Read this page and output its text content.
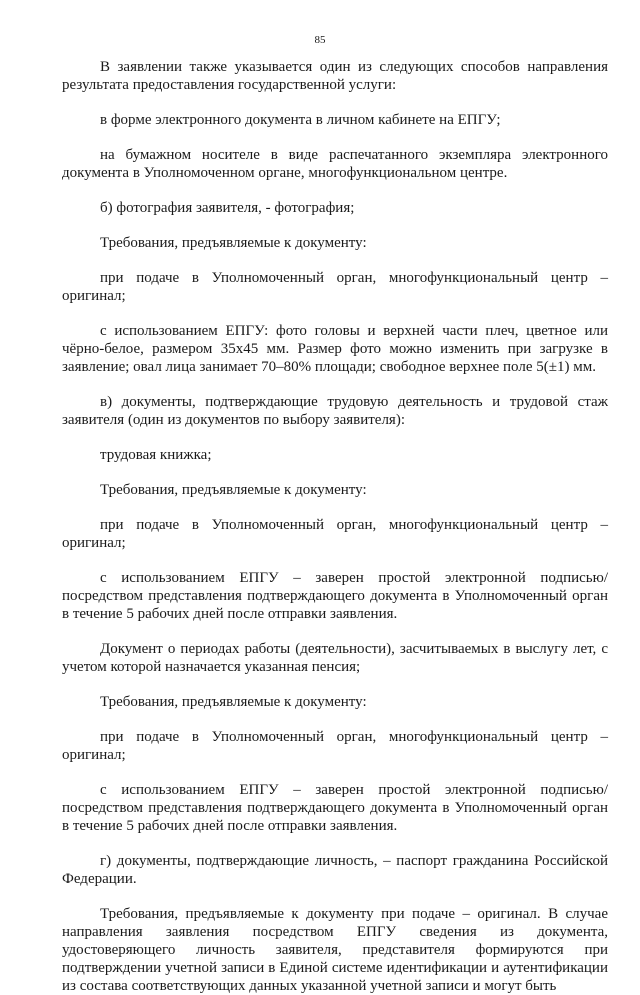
85

В заявлении также указывается один из следующих способов направления результата предоставления государственной услуги:

в форме электронного документа в личном кабинете на ЕПГУ;

на бумажном носителе в виде распечатанного экземпляра электронного документа в Уполномоченном органе, многофункциональном центре.

б) фотография заявителя, - фотография;

Требования, предъявляемые к документу:

при подаче в Уполномоченный орган, многофункциональный центр – оригинал;

с использованием ЕПГУ: фото головы и верхней части плеч, цветное или чёрно-белое, размером 35x45 мм. Размер фото можно изменить при загрузке в заявление; овал лица занимает 70–80% площади; свободное верхнее поле 5(±1) мм.

в) документы, подтверждающие трудовую деятельность и трудовой стаж заявителя (один из документов по выбору заявителя):

трудовая книжка;

Требования, предъявляемые к документу:

при подаче в Уполномоченный орган, многофункциональный центр – оригинал;

с использованием ЕПГУ – заверен простой электронной подписью/ посредством представления подтверждающего документа в Уполномоченный орган в течение 5 рабочих дней после отправки заявления.

Документ о периодах работы (деятельности), засчитываемых в выслугу лет, с учетом которой назначается указанная пенсия;

Требования, предъявляемые к документу:

при подаче в Уполномоченный орган, многофункциональный центр – оригинал;

с использованием ЕПГУ – заверен простой электронной подписью/ посредством представления подтверждающего документа в Уполномоченный орган в течение 5 рабочих дней после отправки заявления.

г) документы, подтверждающие личность, – паспорт гражданина Российской Федерации.

Требования, предъявляемые к документу при подаче – оригинал. В случае направления заявления посредством ЕПГУ сведения из документа, удостоверяющего личность заявителя, представителя формируются при подтверждении учетной записи в Единой системе идентификации и аутентификации из состава соответствующих данных указанной учетной записи и могут быть
